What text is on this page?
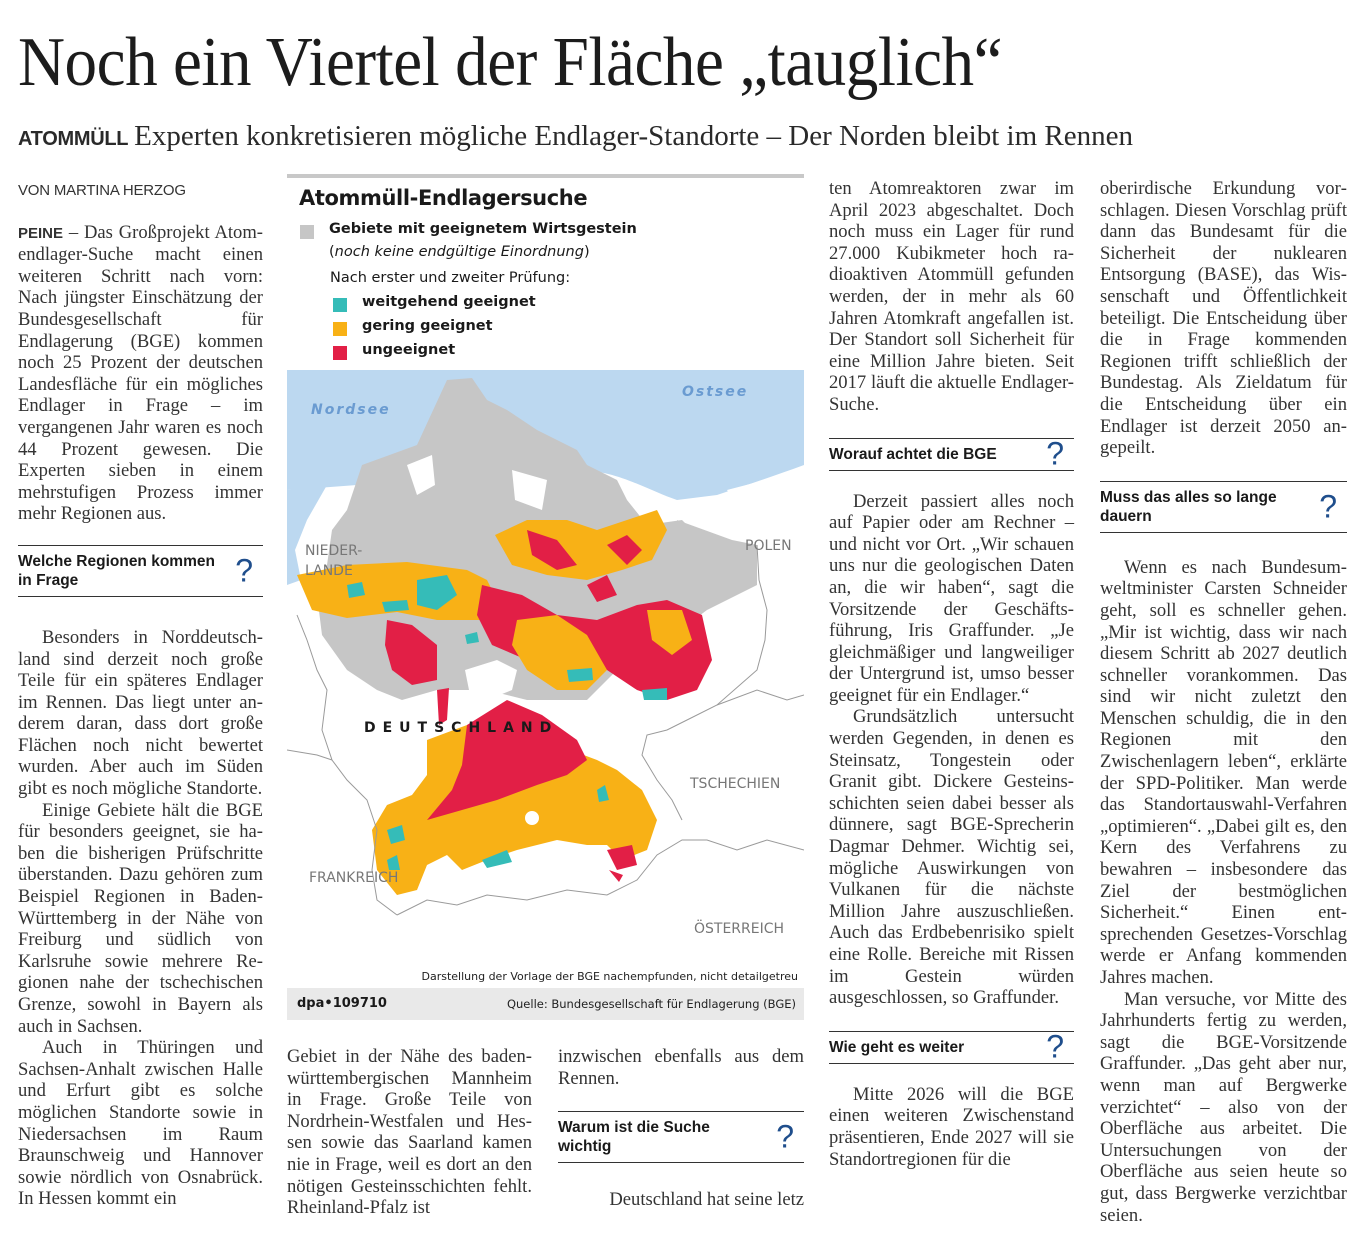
Noch ein Viertel der Fläche „tauglich“
ATOMMÜLL Experten konkretisieren mögliche Endlager-Standorte – Der Norden bleibt im Rennen

VON MARTINA HERZOG

PEINE – Das Großprojekt Atomendlager-Suche macht einen weiteren Schritt nach vorn: Nach jüngster Einschätzung der Bundesgesellschaft für Endlagerung (BGE) kommen noch 25 Prozent der deutschen Landesfläche für ein mögliches Endlager in Frage – im vergangenen Jahr waren es noch 44 Prozent gewesen. Die Experten sieben in einem mehrstufigen Prozess immer mehr Regionen aus.

Welche Regionen kommen in Frage	?

Besonders in Norddeutschland sind derzeit noch große Teile für ein späteres Endlager im Rennen. Das liegt unter anderem daran, dass dort große Flächen noch nicht bewertet wurden. Aber auch im Süden gibt es noch mögliche Standorte.

Einige Gebiete hält die BGE für besonders geeignet, sie haben die bisherigen Prüfschritte überstanden. Dazu gehören zum Beispiel Regionen in Baden-Württemberg in der Nähe von Freiburg und südlich von Karlsruhe sowie mehrere Regionen nahe der tschechischen Grenze, sowohl in Bayern als auch in Sachsen.

Auch in Thüringen und Sachsen-Anhalt zwischen Halle und Erfurt gibt es solche möglichen Standorte sowie in Niedersachsen im Raum Braunschweig und Hannover sowie nördlich von Osnabrück. In Hessen kommt ein

Atommüll-Endlagersuche
Gebiete mit geeignetem Wirtsgestein
(noch keine endgültige Einordnung)
Nach erster und zweiter Prüfung:
weitgehend geeignet
gering geeignet
ungeeignet
Nordsee
Ostsee
NIEDER-
LANDE
POLEN
DEUTSCHLAND
TSCHECHIEN
FRANKREICH
ÖSTERREICH
Darstellung der Vorlage der BGE nachempfunden, nicht detailgetreu
dpa•109710	Quelle: Bundesgesellschaft für Endlagerung (BGE)

Gebiet in der Nähe des baden-württembergischen Mannheim in Frage. Große Teile von Nordrhein-Westfalen und Hessen sowie das Saarland kamen nie in Frage, weil es dort an den nötigen Gesteinsschichten fehlt. Rheinland-Pfalz ist

inzwischen ebenfalls aus dem Rennen.

Warum ist die Suche wichtig	?

Deutschland hat seine letz

ten Atomreaktoren zwar im April 2023 abgeschaltet. Doch noch muss ein Lager für rund 27.000 Kubikmeter hoch radioaktiven Atommüll gefunden werden, der in mehr als 60 Jahren Atomkraft angefallen ist. Der Standort soll Sicherheit für eine Million Jahre bieten. Seit 2017 läuft die aktuelle Endlager-Suche.

Worauf achtet die BGE ?

Derzeit passiert alles noch auf Papier oder am Rechner – und nicht vor Ort. „Wir schauen uns nur die geologischen Daten an, die wir haben“, sagt die Vorsitzende der Geschäftsführung, Iris Graffunder. „Je gleichmäßiger und langweiliger der Untergrund ist, umso besser geeignet für ein Endlager.“

Grundsätzlich untersucht werden Gegenden, in denen es Steinsatz, Tongestein oder Granit gibt. Dickere Gesteinsschichten seien dabei besser als dünnere, sagt BGE-Sprecherin Dagmar Dehmer. Wichtig sei, mögliche Auswirkungen von Vulkanen für die nächste Million Jahre auszuschließen. Auch das Erdbebenrisiko spielt eine Rolle. Bereiche mit Rissen im Gestein würden ausgeschlossen, so Graffunder.

Wie geht es weiter	?

Mitte 2026 will die BGE einen weiteren Zwischenstand präsentieren, Ende 2027 will sie Standortregionen für die

oberirdische Erkundung vorschlagen. Diesen Vorschlag prüft dann das Bundesamt für die Sicherheit der nuklearen Entsorgung (BASE), das Wissenschaft und Öffentlichkeit beteiligt. Die Entscheidung über die in Frage kommenden Regionen trifft schließlich der Bundestag. Als Zieldatum für die Entscheidung über ein Endlager ist derzeit 2050 angepeilt.

Muss das alles so lange dauern	?

Wenn es nach Bundesumweltminister Carsten Schneider geht, soll es schneller gehen. „Mir ist wichtig, dass wir nach diesem Schritt ab 2027 deutlich schneller vorankommen. Das sind wir nicht zuletzt den Menschen schuldig, die in den Regionen mit den Zwischenlagern leben“, erklärte der SPD-Politiker. Man werde das Standortauswahl-Verfahren „optimieren“. „Dabei gilt es, den Kern des Verfahrens zu bewahren – insbesondere das Ziel der bestmöglichen Sicherheit.“ Einen entsprechenden Gesetzes-Vorschlag werde er Anfang kommenden Jahres machen.

Man versuche, vor Mitte des Jahrhunderts fertig zu werden, sagt die BGE-Vorsitzende Graffunder. „Das geht aber nur, wenn man auf Bergwerke verzichtet“ – also von der Oberfläche aus arbeitet. Die Untersuchungen von der Oberfläche aus seien heute so gut, dass Bergwerke verzichtbar seien.
